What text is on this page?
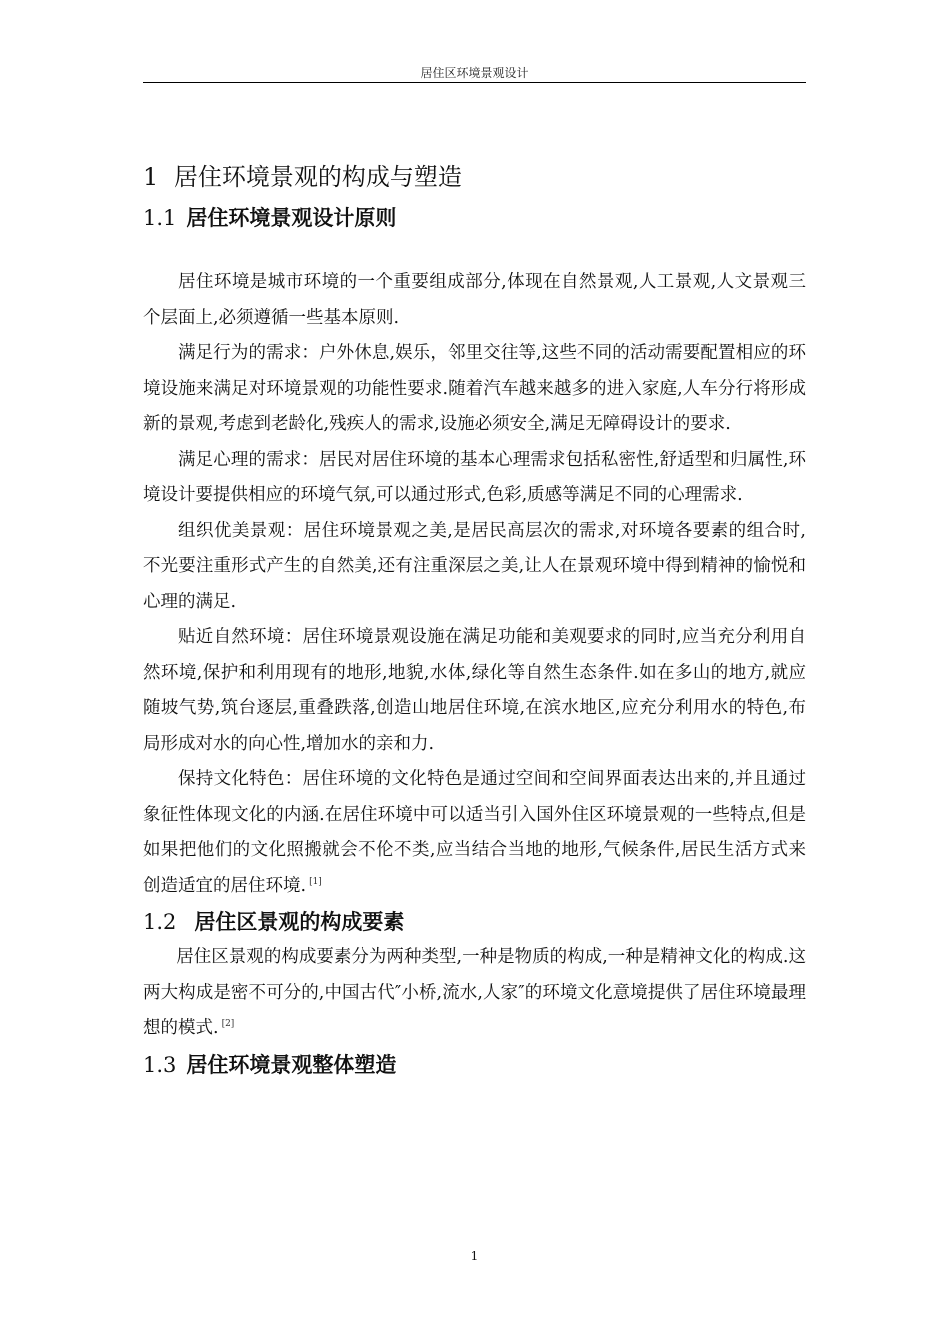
居住区环境景观设计
1 居住环境景观的构成与塑造
1.1 居住环境景观设计原则

居住环境是城市环境的一个重要组成部分,体现在自然景观,人工景观,人文景观三个层面上,必须遵循一些基本原则.

满足行为的需求：户外休息,娱乐，邻里交往等,这些不同的活动需要配置相应的环境设施来满足对环境景观的功能性要求.随着汽车越来越多的进入家庭,人车分行将形成新的景观,考虑到老龄化,残疾人的需求,设施必须安全,满足无障碍设计的要求.

满足心理的需求：居民对居住环境的基本心理需求包括私密性,舒适型和归属性,环境设计要提供相应的环境气氛,可以通过形式,色彩,质感等满足不同的心理需求.

组织优美景观：居住环境景观之美,是居民高层次的需求,对环境各要素的组合时,不光要注重形式产生的自然美,还有注重深层之美,让人在景观环境中得到精神的愉悦和心理的满足.

贴近自然环境：居住环境景观设施在满足功能和美观要求的同时,应当充分利用自然环境,保护和利用现有的地形,地貌,水体,绿化等自然生态条件.如在多山的地方,就应随坡气势,筑台逐层,重叠跌落,创造山地居住环境,在滨水地区,应充分利用水的特色,布局形成对水的向心性,增加水的亲和力.

保持文化特色：居住环境的文化特色是通过空间和空间界面表达出来的,并且通过象征性体现文化的内涵.在居住环境中可以适当引入国外住区环境景观的一些特点,但是如果把他们的文化照搬就会不伦不类,应当结合当地的地形,气候条件,居民生活方式来创造适宜的居住环境. [1]

1.2 居住区景观的构成要素

居住区景观的构成要素分为两种类型,一种是物质的构成,一种是精神文化的构成.这两大构成是密不可分的,中国古代″小桥,流水,人家″的环境文化意境提供了居住环境最理想的模式. [2]

1.3 居住环境景观整体塑造
1
